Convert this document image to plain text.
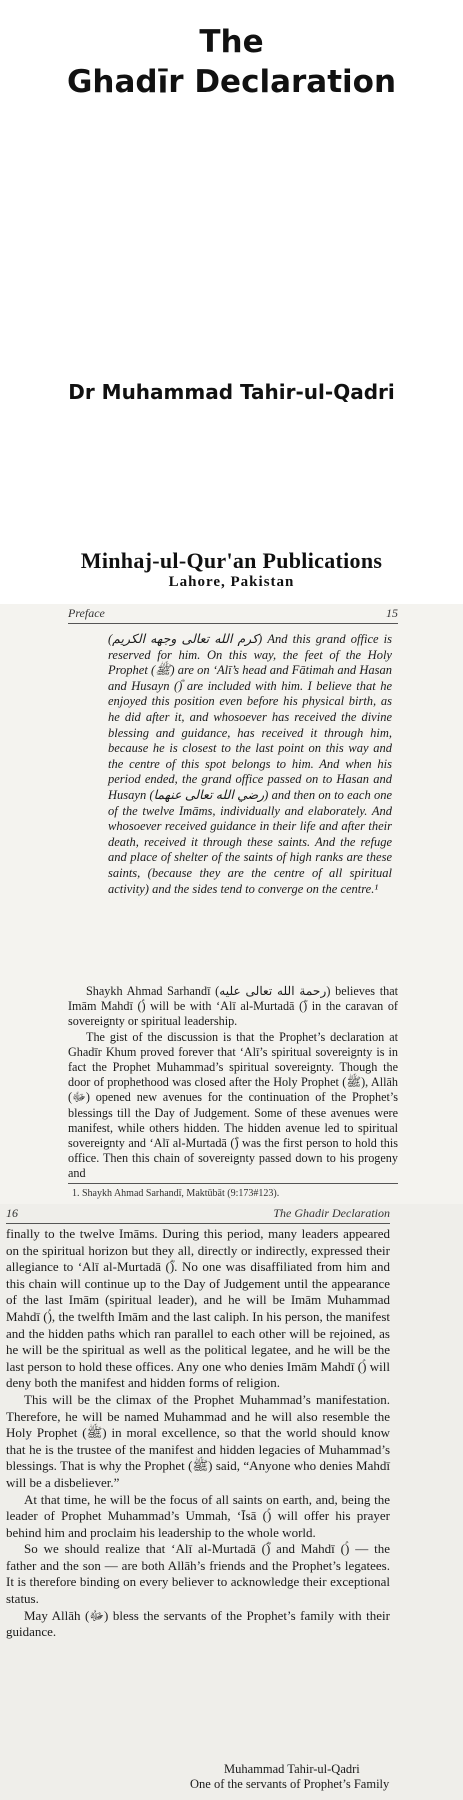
The
Ghadīr Declaration
Dr Muhammad Tahir-ul-Qadri
Minhaj-ul-Qur'an Publications
Lahore, Pakistan
Preface	15

(كرم الله تعالى وجهه الكريم) And this grand office is reserved for him. On this way, the feet of the Holy Prophet (ﷺ) are on ‘Alī’s head and Fātimah and Hasan and Husayn (ؓ) are included with him. I believe that he enjoyed this position even before his physical birth, as he did after it, and whosoever has received the divine blessing and guidance, has received it through him, because he is closest to the last point on this way and the centre of this spot belongs to him. And when his period ended, the grand office passed on to Hasan and Husayn (رضي الله تعالى عنهما) and then on to each one of the twelve Imāms, individually and elaborately. And whosoever received guidance in their life and after their death, received it through these saints. And the refuge and place of shelter of the saints of high ranks are these saints, (because they are the centre of all spiritual activity) and the sides tend to converge on the centre.¹

Shaykh Ahmad Sarhandī (رحمة الله تعالى عليه) believes that Imām Mahdī (ؑ) will be with ‘Alī al-Murtadā (ؓ) in the caravan of sovereignty or spiritual leadership.

The gist of the discussion is that the Prophet’s declaration at Ghadīr Khum proved forever that ‘Alī’s spiritual sovereignty is in fact the Prophet Muhammad’s spiritual sovereignty. Though the door of prophethood was closed after the Holy Prophet (ﷺ), Allāh (ﷻ) opened new avenues for the continuation of the Prophet’s blessings till the Day of Judgement. Some of these avenues were manifest, while others hidden. The hidden avenue led to spiritual sovereignty and ‘Alī al-Murtadā (ؓ) was the first person to hold this office. Then this chain of sovereignty passed down to his progeny and

1. Shaykh Ahmad Sarhandī, Maktūbāt (9:173#123).
16	The Ghadir Declaration

finally to the twelve Imāms. During this period, many leaders appeared on the spiritual horizon but they all, directly or indirectly, expressed their allegiance to ‘Alī al-Murtadā (ؓ). No one was disaffiliated from him and this chain will continue up to the Day of Judgement until the appearance of the last Imām (spiritual leader), and he will be Imām Muhammad Mahdī (ؑ), the twelfth Imām and the last caliph. In his person, the manifest and the hidden paths which ran parallel to each other will be rejoined, as he will be the spiritual as well as the political legatee, and he will be the last person to hold these offices. Any one who denies Imām Mahdī (ؑ) will deny both the manifest and hidden forms of religion.

This will be the climax of the Prophet Muhammad’s manifestation. Therefore, he will be named Muhammad and he will also resemble the Holy Prophet (ﷺ) in moral excellence, so that the world should know that he is the trustee of the manifest and hidden legacies of Muhammad’s blessings. That is why the Prophet (ﷺ) said, “Anyone who denies Mahdī will be a disbeliever.”

At that time, he will be the focus of all saints on earth, and, being the leader of Prophet Muhammad’s Ummah, ‘Īsā (ؑ) will offer his prayer behind him and proclaim his leadership to the whole world.

So we should realize that ‘Alī al-Murtadā (ؓ) and Mahdī (ؑ) — the father and the son — are both Allāh’s friends and the Prophet’s legatees. It is therefore binding on every believer to acknowledge their exceptional status.

May Allāh (ﷻ) bless the servants of the Prophet’s family with their guidance.

Muhammad Tahir-ul-Qadri
One of the servants of Prophet’s Family
